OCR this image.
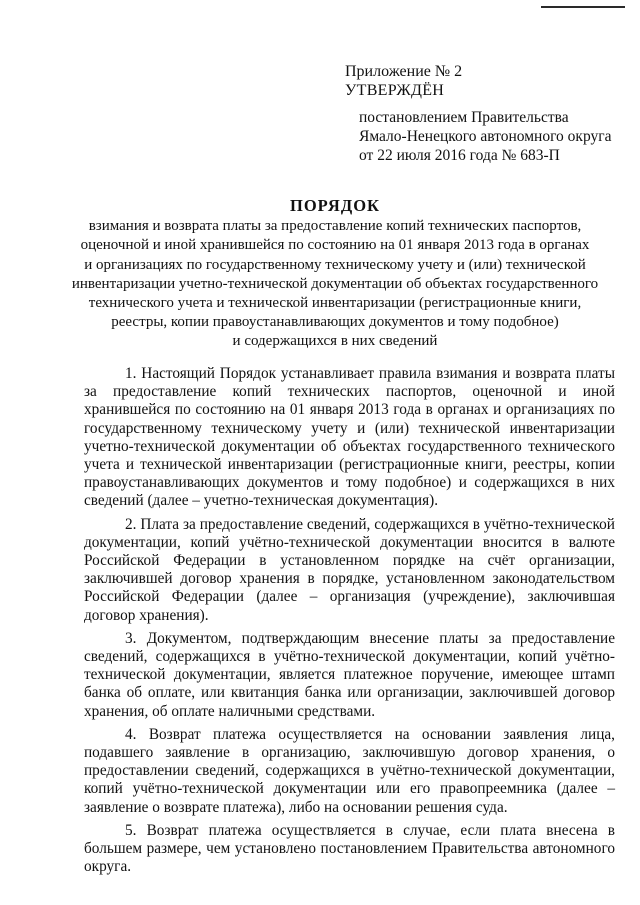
Приложение № 2
УТВЕРЖДЁН
постановлением Правительства
Ямало-Ненецкого автономного округа
от 22 июля 2016 года № 683-П
ПОРЯДОК
взимания и возврата платы за предоставление копий технических паспортов,
оценочной и иной хранившейся по состоянию на 01 января 2013 года в органах
и организациях по государственному техническому учету и (или) технической
инвентаризации учетно-технической документации об объектах государственного
технического учета и технической инвентаризации (регистрационные книги,
реестры, копии правоустанавливающих документов и тому подобное)
и содержащихся в них сведений

1. Настоящий Порядок устанавливает правила взимания и возврата платы за предоставление копий технических паспортов, оценочной и иной хранившейся по состоянию на 01 января 2013 года в органах и организациях по государственному техническому учету и (или) технической инвентаризации учетно-технической документации об объектах государственного технического учета и технической инвентаризации (регистрационные книги, реестры, копии правоустанавливающих документов и тому подобное) и содержащихся в них сведений (далее – учетно-техническая документация).

2. Плата за предоставление сведений, содержащихся в учётно-технической документации, копий учётно-технической документации вносится в валюте Российской Федерации в установленном порядке на счёт организации, заключившей договор хранения в порядке, установленном законодательством Российской Федерации (далее – организация (учреждение), заключившая договор хранения).

3. Документом, подтверждающим внесение платы за предоставление сведений, содержащихся в учётно-технической документации, копий учётно-технической документации, является платежное поручение, имеющее штамп банка об оплате, или квитанция банка или организации, заключившей договор хранения, об оплате наличными средствами.

4. Возврат платежа осуществляется на основании заявления лица, подавшего заявление в организацию, заключившую договор хранения, о предоставлении сведений, содержащихся в учётно-технической документации, копий учётно-технической документации или его правопреемника (далее – заявление о возврате платежа), либо на основании решения суда.

5. Возврат платежа осуществляется в случае, если плата внесена в большем размере, чем установлено постановлением Правительства автономного округа.
